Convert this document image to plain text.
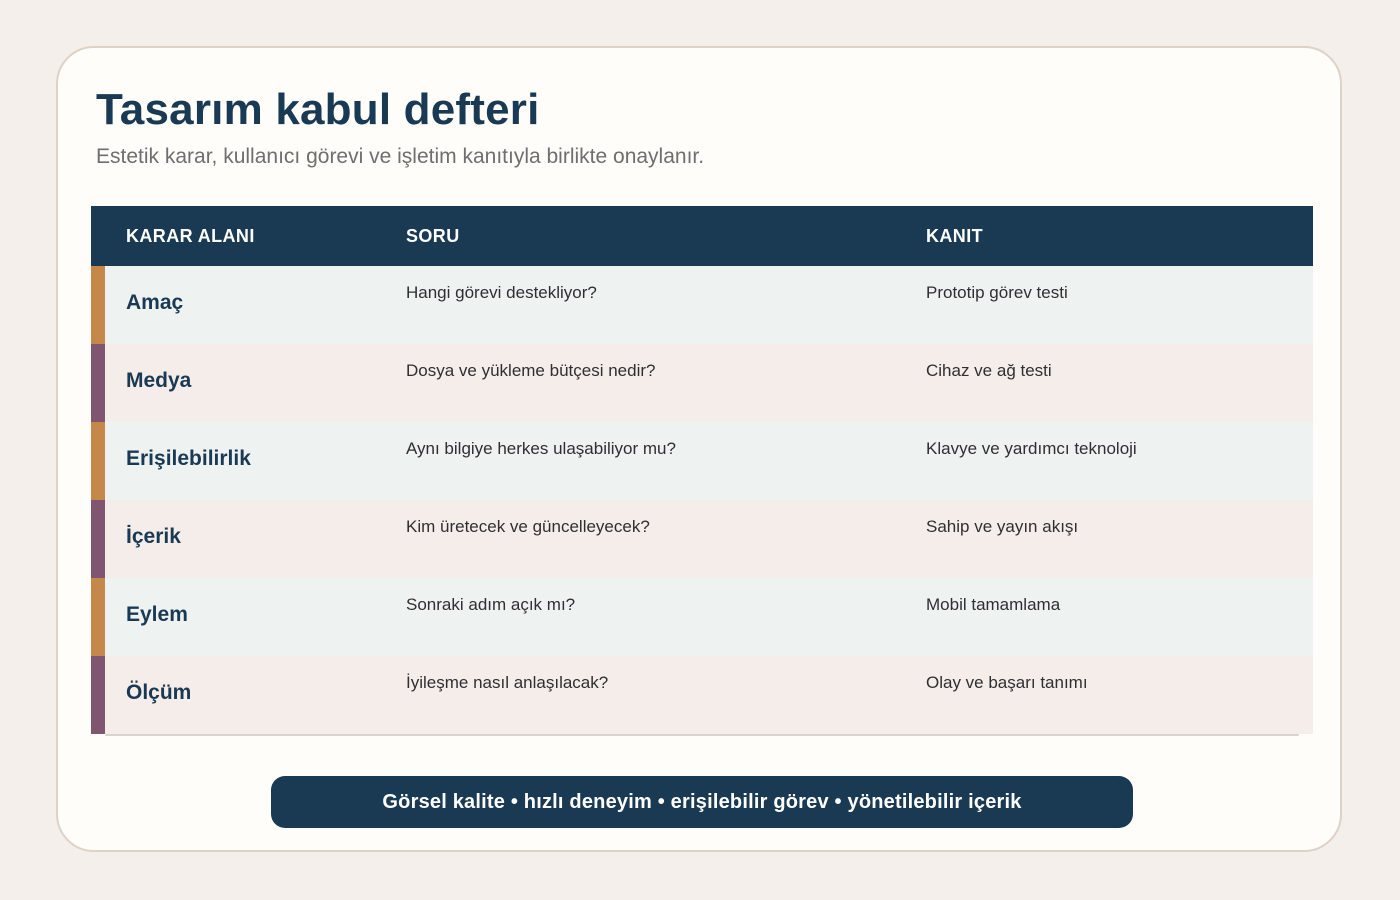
Tasarım kabul defteri

Estetik karar, kullanıcı görevi ve işletim kanıtıyla birlikte onaylanır.

KARAR ALANI	SORU	KANIT
Amaç	Hangi görevi destekliyor?	Prototip görev testi
Medya	Dosya ve yükleme bütçesi nedir?	Cihaz ve ağ testi
Erişilebilirlik	Aynı bilgiye herkes ulaşabiliyor mu?	Klavye ve yardımcı teknoloji
İçerik	Kim üretecek ve güncelleyecek?	Sahip ve yayın akışı
Eylem	Sonraki adım açık mı?	Mobil tamamlama
Ölçüm	İyileşme nasıl anlaşılacak?	Olay ve başarı tanımı
Görsel kalite • hızlı deneyim • erişilebilir görev • yönetilebilir içerik
